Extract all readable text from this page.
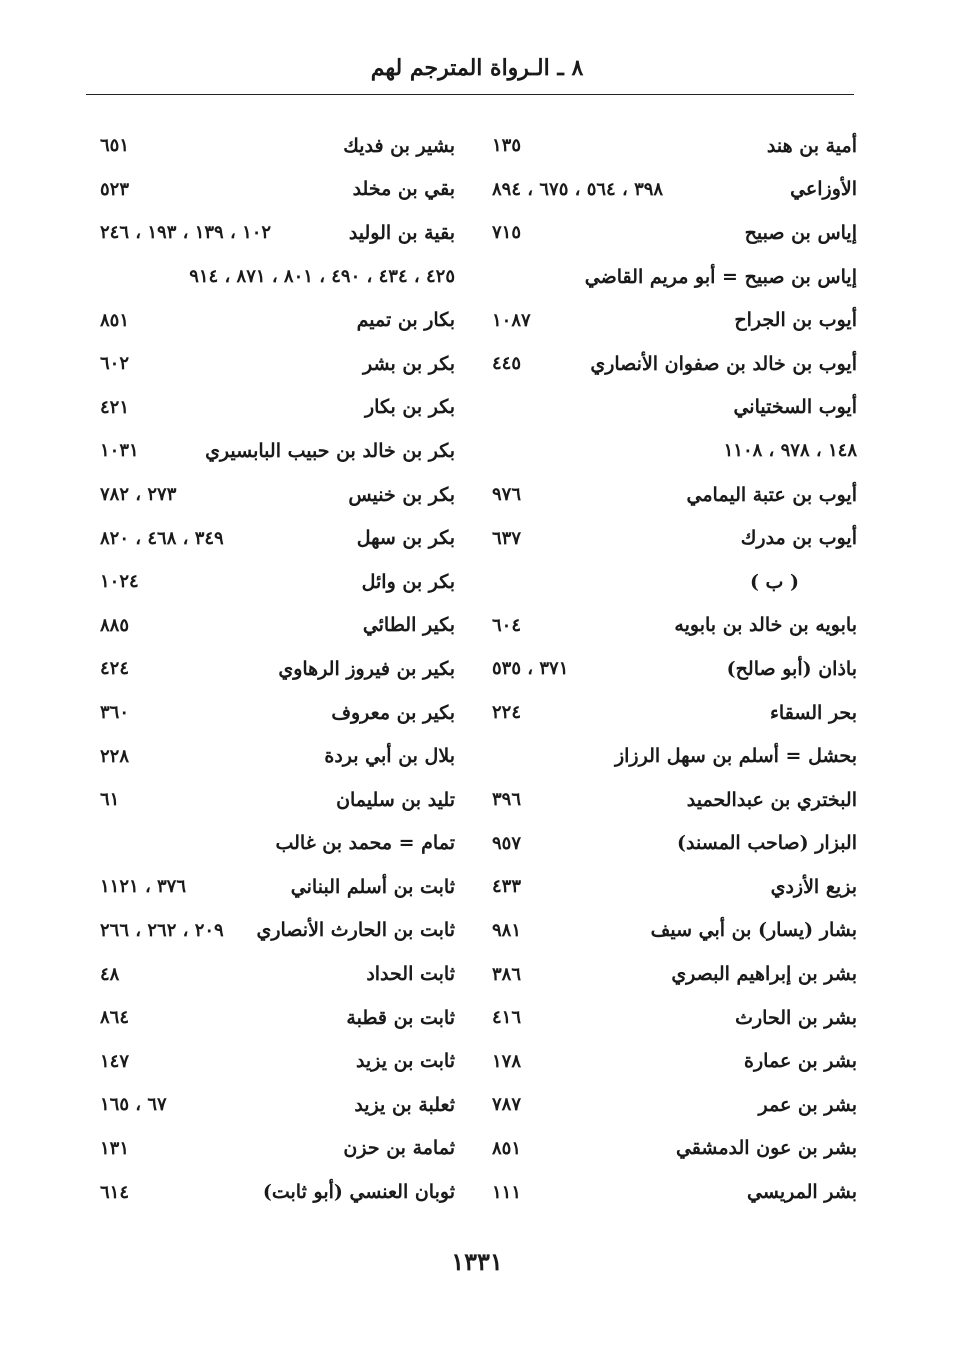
٨ ـ الـرواة المترجم لهم
أمية بن هند
١٣٥
الأوزاعي
٣٩٨ ، ٥٦٤ ، ٦٧٥ ، ٨٩٤
إياس بن صبيح
٧١٥
إياس بن صبيح = أبو مريم القاضي
أيوب بن الجراح
١٠٨٧
أيوب بن خالد بن صفوان الأنصاري
٤٤٥
أيوب السختياني
١٤٨ ، ٩٧٨ ، ١١٠٨
أيوب بن عتبة اليمامي
٩٧٦
أيوب بن مدرك
٦٣٧
( ب )
بابويه بن خالد بن بابويه
٦٠٤
باذان (أبو صالح)
٣٧١ ، ٥٣٥
بحر السقاء
٢٢٤
بحشل = أسلم بن سهل الرزاز
البختري بن عبدالحميد
٣٩٦
البزار (صاحب المسند)
٩٥٧
بزيع الأزدي
٤٣٣
بشار (يسار) بن أبي سيف
٩٨١
بشر بن إبراهيم البصري
٣٨٦
بشر بن الحارث
٤١٦
بشر بن عمارة
١٧٨
بشر بن عمر
٧٨٧
بشر بن عون الدمشقي
٨٥١
بشر المريسي
١١١
بشير بن فديك
٦٥١
بقي بن مخلد
٥٢٣
بقية بن الوليد
١٠٢ ، ١٣٩ ، ١٩٣ ، ٢٤٦
٤٢٥ ، ٤٣٤ ، ٤٩٠ ، ٨٠١ ، ٨٧١ ، ٩١٤
بكار بن تميم
٨٥١
بكر بن بشر
٦٠٢
بكر بن بكار
٤٢١
بكر بن خالد بن حبيب البابسيري
١٠٣١
بكر بن خنيس
٢٧٣ ، ٧٨٢
بكر بن سهل
٣٤٩ ، ٤٦٨ ، ٨٢٠
بكر بن وائل
١٠٢٤
بكير الطائي
٨٨٥
بكير بن فيروز الرهاوي
٤٢٤
بكير بن معروف
٣٦٠
بلال بن أبي بردة
٢٢٨
تليد بن سليمان
٦١
تمام = محمد بن غالب
ثابت بن أسلم البناني
٣٧٦ ، ١١٢١
ثابت بن الحارث الأنصاري
٢٠٩ ، ٢٦٢ ، ٢٦٦
ثابت الحداد
٤٨
ثابت بن قطبة
٨٦٤
ثابت بن يزيد
١٤٧
ثعلبة بن يزيد
٦٧ ، ١٦٥
ثمامة بن حزن
١٣١
ثوبان العنسي (أبو ثابت)
٦١٤
١٣٣١
